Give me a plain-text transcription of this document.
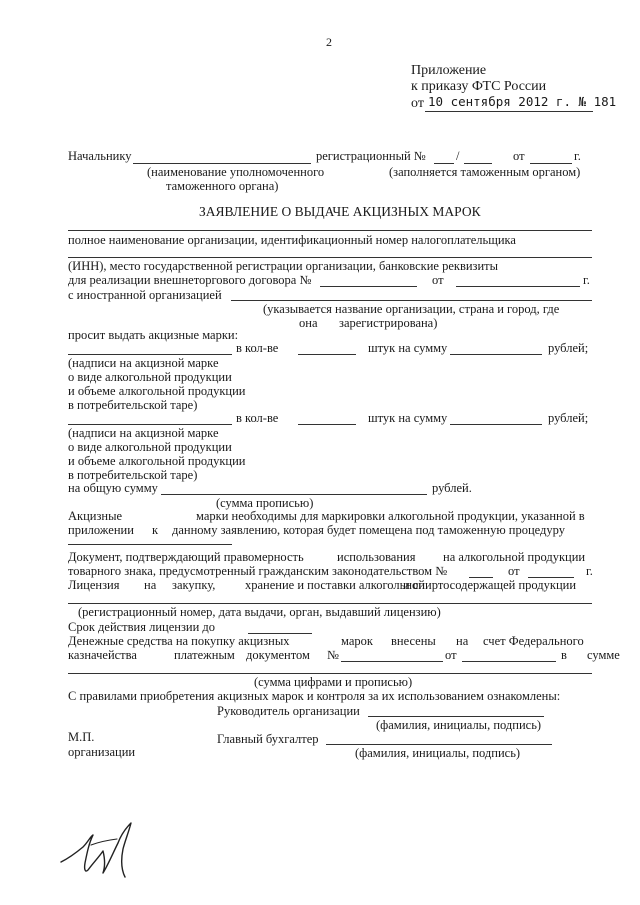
2
Приложение
к приказу ФТС России
от 10 сентября 2012 г. № 181
Начальнику	регистрационный № /	от	г.
(наименование уполномоченного
таможенного органа)
(заполняется таможенным органом)
ЗАЯВЛЕНИЕ О ВЫДАЧЕ АКЦИЗНЫХ МАРОК
полное наименование организации, идентификационный номер налогоплательщика
(ИНН), место государственной регистрации организации, банковские реквизиты
для реализации внешнеторгового договора №	от	г.
с иностранной организацией
(указывается название организации, страна и город, где
она зарегистрирована)
просит выдать акцизные марки:
в кол-ве	штук на сумму	рублей;
(надписи на акцизной марке
о виде алкогольной продукции
и объеме алкогольной продукции
в потребительской таре)
в кол-ве	штук на сумму	рублей;
(надписи на акцизной марке
о виде алкогольной продукции
и объеме алкогольной продукции
в потребительской таре)
на общую сумму	рублей.
(сумма прописью)
Акцизные	марки необходимы для маркировки алкогольной продукции, указанной в
приложении к данному заявлению, которая будет помещена под таможенную процедуру
Документ, подтверждающий правомерность	использования на алкогольной продукции
товарного знака, предусмотренный гражданским законодательством №	от	г.
Лицензия на закупку, хранение и поставки алкогольной
и спиртосодержащей продукции
(регистрационный номер, дата выдачи, орган, выдавший лицензию)
Срок действия лицензии до
Денежные средства на покупку акцизных	марок внесены на счет Федерального
казначейства	платежным документом №	от	в сумме
(сумма цифрами и прописью)
С правилами приобретения акцизных марок и контроля за их использованием ознакомлены:
Руководитель организации
(фамилия, инициалы, подпись)
М.П.
организации
Главный бухгалтер
(фамилия, инициалы, подпись)
